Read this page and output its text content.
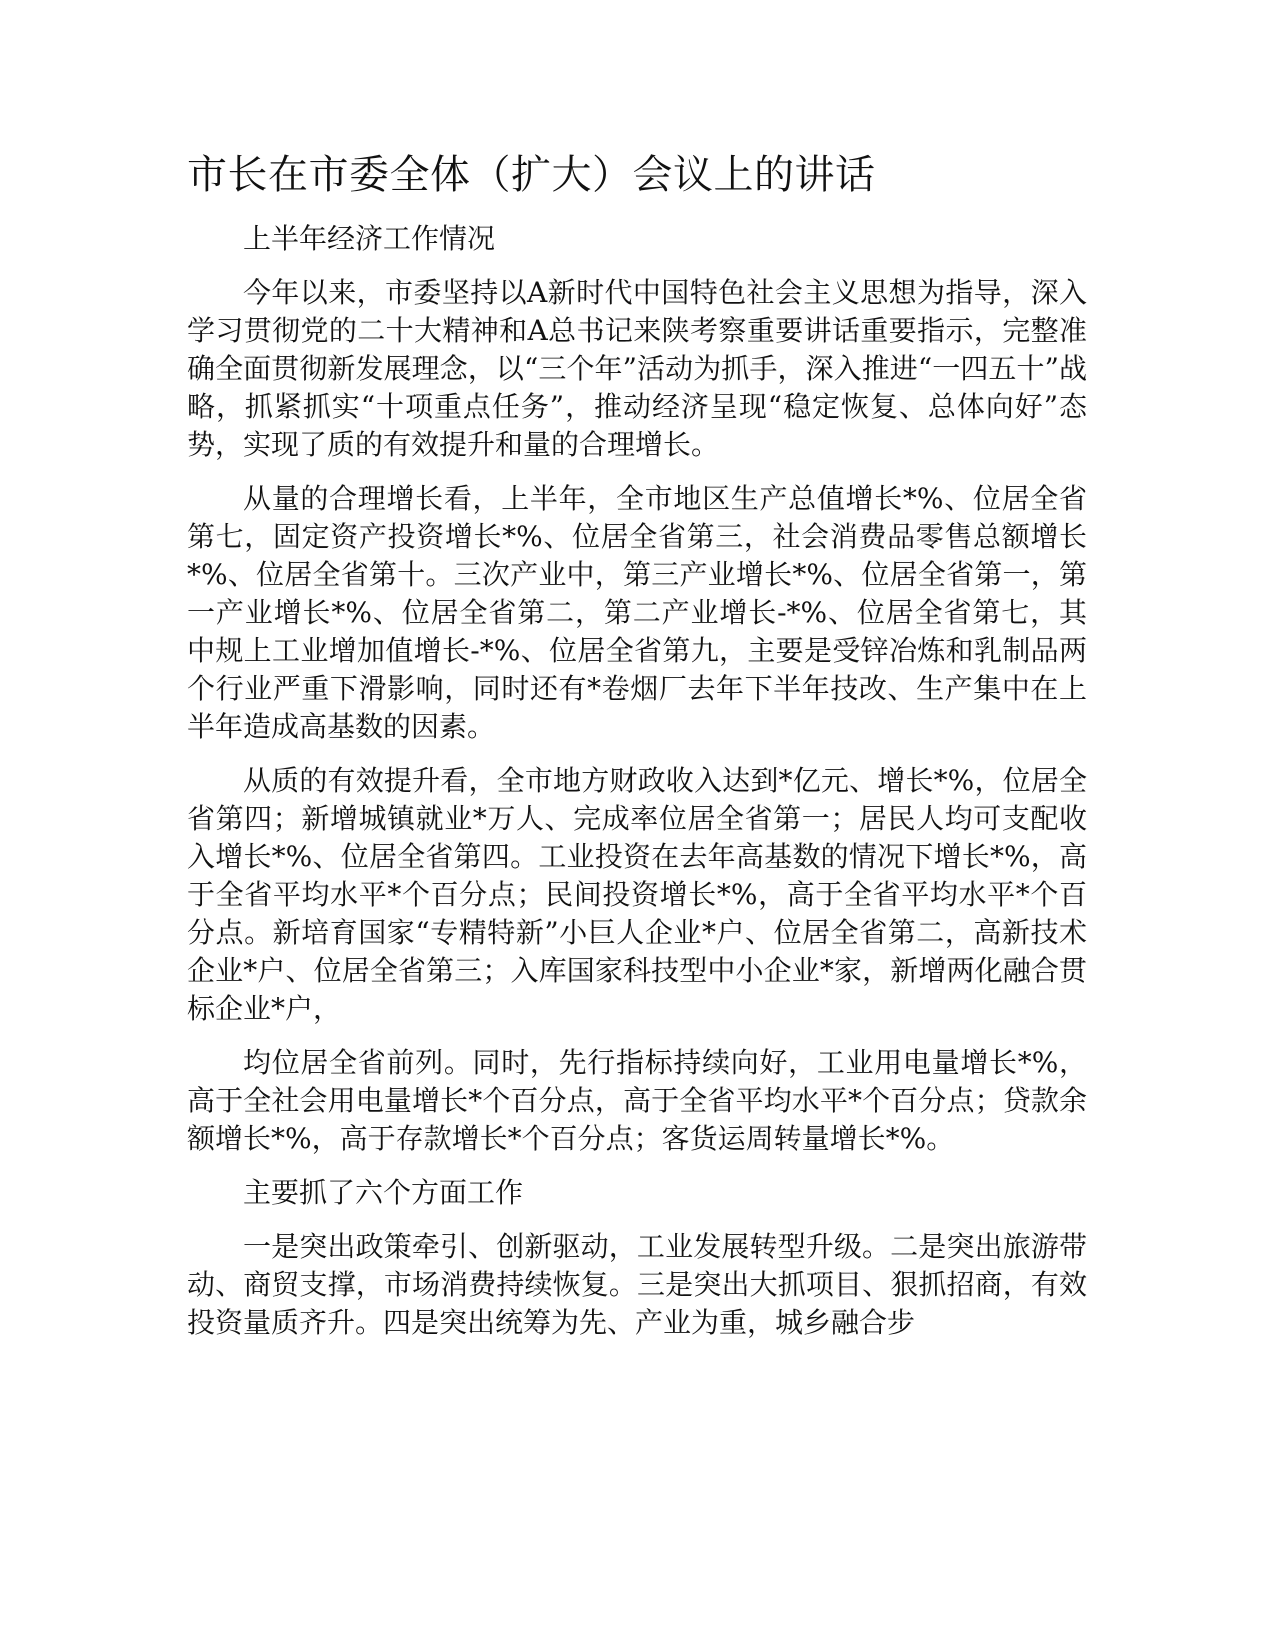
市长在市委全体（扩大）会议上的讲话

上半年经济工作情况

今年以来，市委坚持以A新时代中国特色社会主义思想为指导，深入学习贯彻党的二十大精神和A总书记来陕考察重要讲话重要指示，完整准确全面贯彻新发展理念，以“三个年”活动为抓手，深入推进“一四五十”战略，抓紧抓实“十项重点任务”，推动经济呈现“稳定恢复、总体向好”态势，实现了质的有效提升和量的合理增长。

从量的合理增长看，上半年，全市地区生产总值增长*%、位居全省第七，固定资产投资增长*%、位居全省第三，社会消费品零售总额增长*%、位居全省第十。三次产业中，第三产业增长*%、位居全省第一，第一产业增长*%、位居全省第二，第二产业增长-*%、位居全省第七，其中规上工业增加值增长-*%、位居全省第九，主要是受锌冶炼和乳制品两个行业严重下滑影响，同时还有*卷烟厂去年下半年技改、生产集中在上半年造成高基数的因素。

从质的有效提升看，全市地方财政收入达到*亿元、增长*%，位居全省第四；新增城镇就业*万人、完成率位居全省第一；居民人均可支配收入增长*%、位居全省第四。工业投资在去年高基数的情况下增长*%，高于全省平均水平*个百分点；民间投资增长*%，高于全省平均水平*个百分点。新培育国家“专精特新”小巨人企业*户、位居全省第二，高新技术企业*户、位居全省第三；入库国家科技型中小企业*家，新增两化融合贯标企业*户，

均位居全省前列。同时，先行指标持续向好，工业用电量增长*%，高于全社会用电量增长*个百分点，高于全省平均水平*个百分点；贷款余额增长*%，高于存款增长*个百分点；客货运周转量增长*%。

主要抓了六个方面工作

一是突出政策牵引、创新驱动，工业发展转型升级。二是突出旅游带动、商贸支撑，市场消费持续恢复。三是突出大抓项目、狠抓招商，有效投资量质齐升。四是突出统筹为先、产业为重，城乡融合步
